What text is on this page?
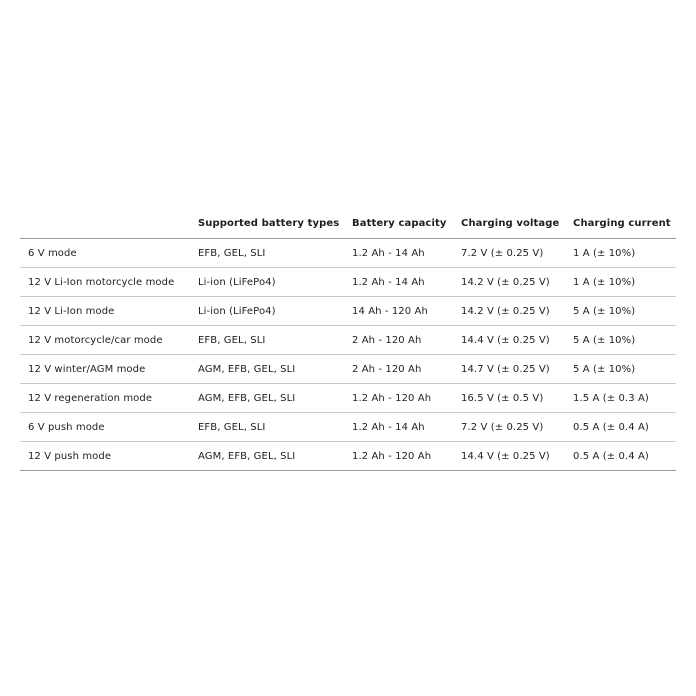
	Supported battery types	Battery capacity	Charging voltage	Charging current
6 V mode	EFB, GEL, SLI	1.2 Ah - 14 Ah	7.2 V (± 0.25 V)	1 A (± 10%)
12 V Li-Ion motorcycle mode	Li-ion (LiFePo4)	1.2 Ah - 14 Ah	14.2 V (± 0.25 V)	1 A (± 10%)
12 V Li-Ion mode	Li-ion (LiFePo4)	14 Ah - 120 Ah	14.2 V (± 0.25 V)	5 A (± 10%)
12 V motorcycle/car mode	EFB, GEL, SLI	2 Ah - 120 Ah	14.4 V (± 0.25 V)	5 A (± 10%)
12 V winter/AGM mode	AGM, EFB, GEL, SLI	2 Ah - 120 Ah	14.7 V (± 0.25 V)	5 A (± 10%)
12 V regeneration mode	AGM, EFB, GEL, SLI	1.2 Ah - 120 Ah	16.5 V (± 0.5 V)	1.5 A (± 0.3 A)
6 V push mode	EFB, GEL, SLI	1.2 Ah - 14 Ah	7.2 V (± 0.25 V)	0.5 A (± 0.4 A)
12 V push mode	AGM, EFB, GEL, SLI	1.2 Ah - 120 Ah	14.4 V (± 0.25 V)	0.5 A (± 0.4 A)
